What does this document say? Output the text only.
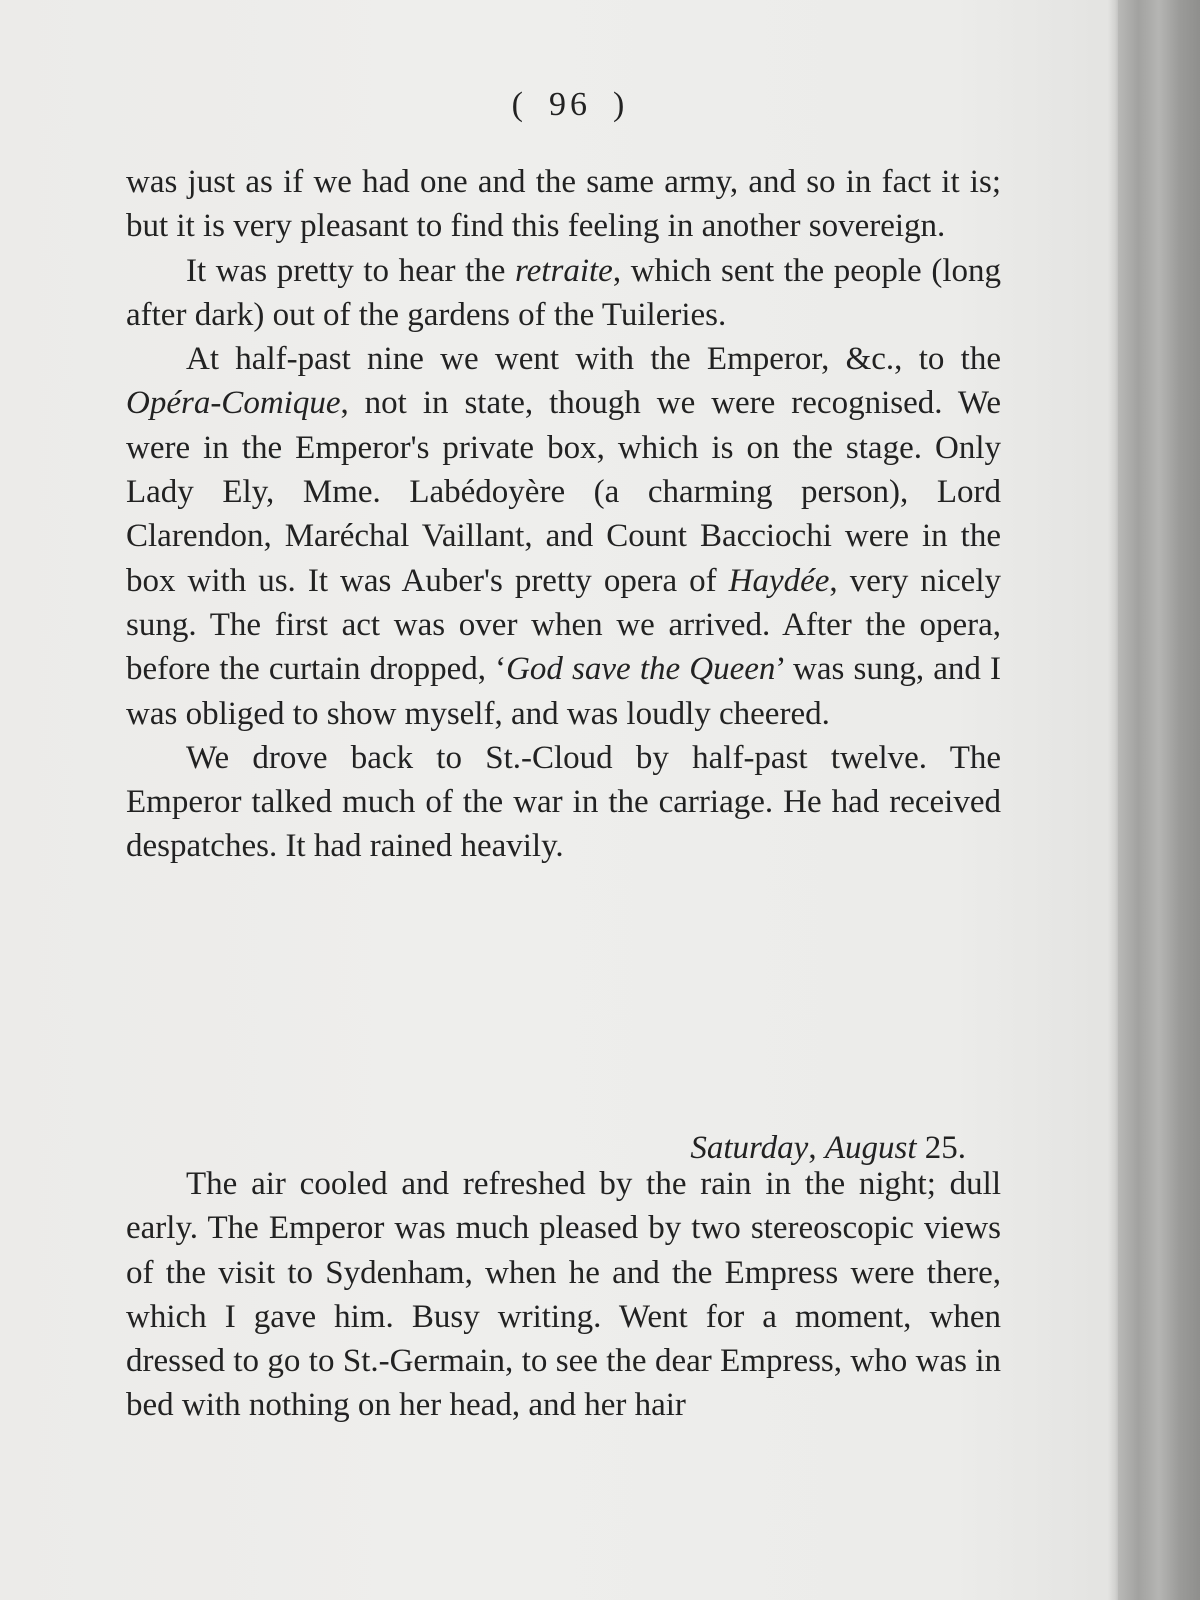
( 96 )

was just as if we had one and the same army, and so in fact it is; but it is very pleasant to find this feeling in another sovereign.

It was pretty to hear the retraite, which sent the people (long after dark) out of the gardens of the Tuileries.

At half-past nine we went with the Emperor, &c., to the Opéra-Comique, not in state, though we were recognised. We were in the Emperor's private box, which is on the stage. Only Lady Ely, Mme. Labédoyère (a charming person), Lord Clarendon, Maréchal Vaillant, and Count Bacciochi were in the box with us. It was Auber's pretty opera of Haydée, very nicely sung. The first act was over when we arrived. After the opera, before the curtain dropped, ‘God save the Queen’ was sung, and I was obliged to show myself, and was loudly cheered.

We drove back to St.-Cloud by half-past twelve. The Emperor talked much of the war in the carriage. He had received despatches. It had rained heavily.

Saturday, August 25.

The air cooled and refreshed by the rain in the night; dull early. The Emperor was much pleased by two stereoscopic views of the visit to Sydenham, when he and the Empress were there, which I gave him. Busy writing. Went for a moment, when dressed to go to St.-Germain, to see the dear Empress, who was in bed with nothing on her head, and her hair
